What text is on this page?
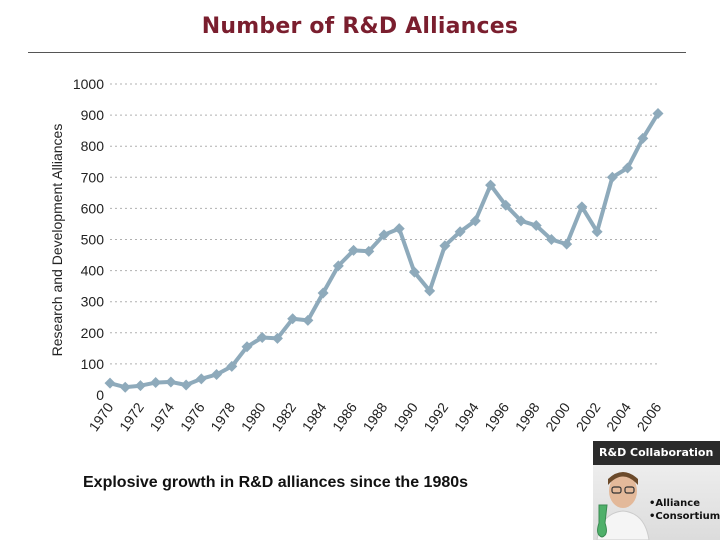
Number of R&D Alliances
0
100
200
300
400
500
600
700
800
900
1000
1970 1972 1974 1976 1978 1980 1982 1984 1986 1988 1990 1992 1994 1996 1998 2000 2002 2004 2006
Research and Development Alliances
Explosive growth in R&D alliances since the 1980s
R&D Collaboration
•Alliance
•Consortium
